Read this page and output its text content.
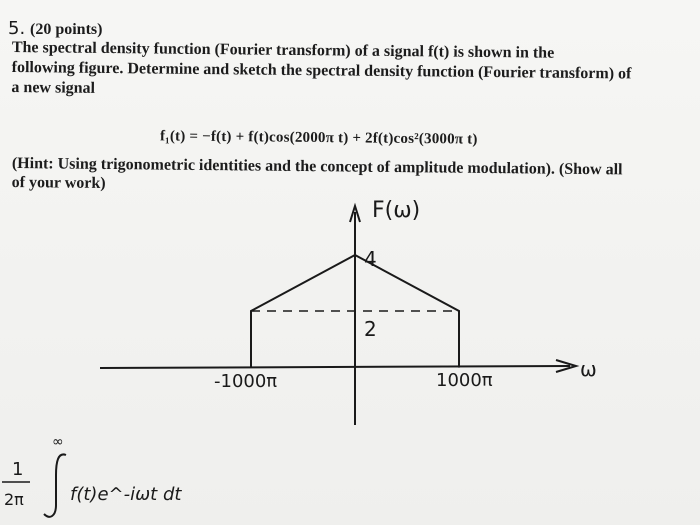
5. (20 points)
The spectral density function (Fourier transform) of a signal f(t) is shown in the
following figure. Determine and sketch the spectral density function (Fourier transform) of
a new signal
f₁(t) = −f(t) + f(t)cos(2000π t) + 2f(t)cos²(3000π t)
(Hint: Using trigonometric identities and the concept of amplitude modulation). (Show all
of your work)
F(ω)
ω
4
2
-1000π	1000π
1
2π
∞
f(t)e^-iωt dt
